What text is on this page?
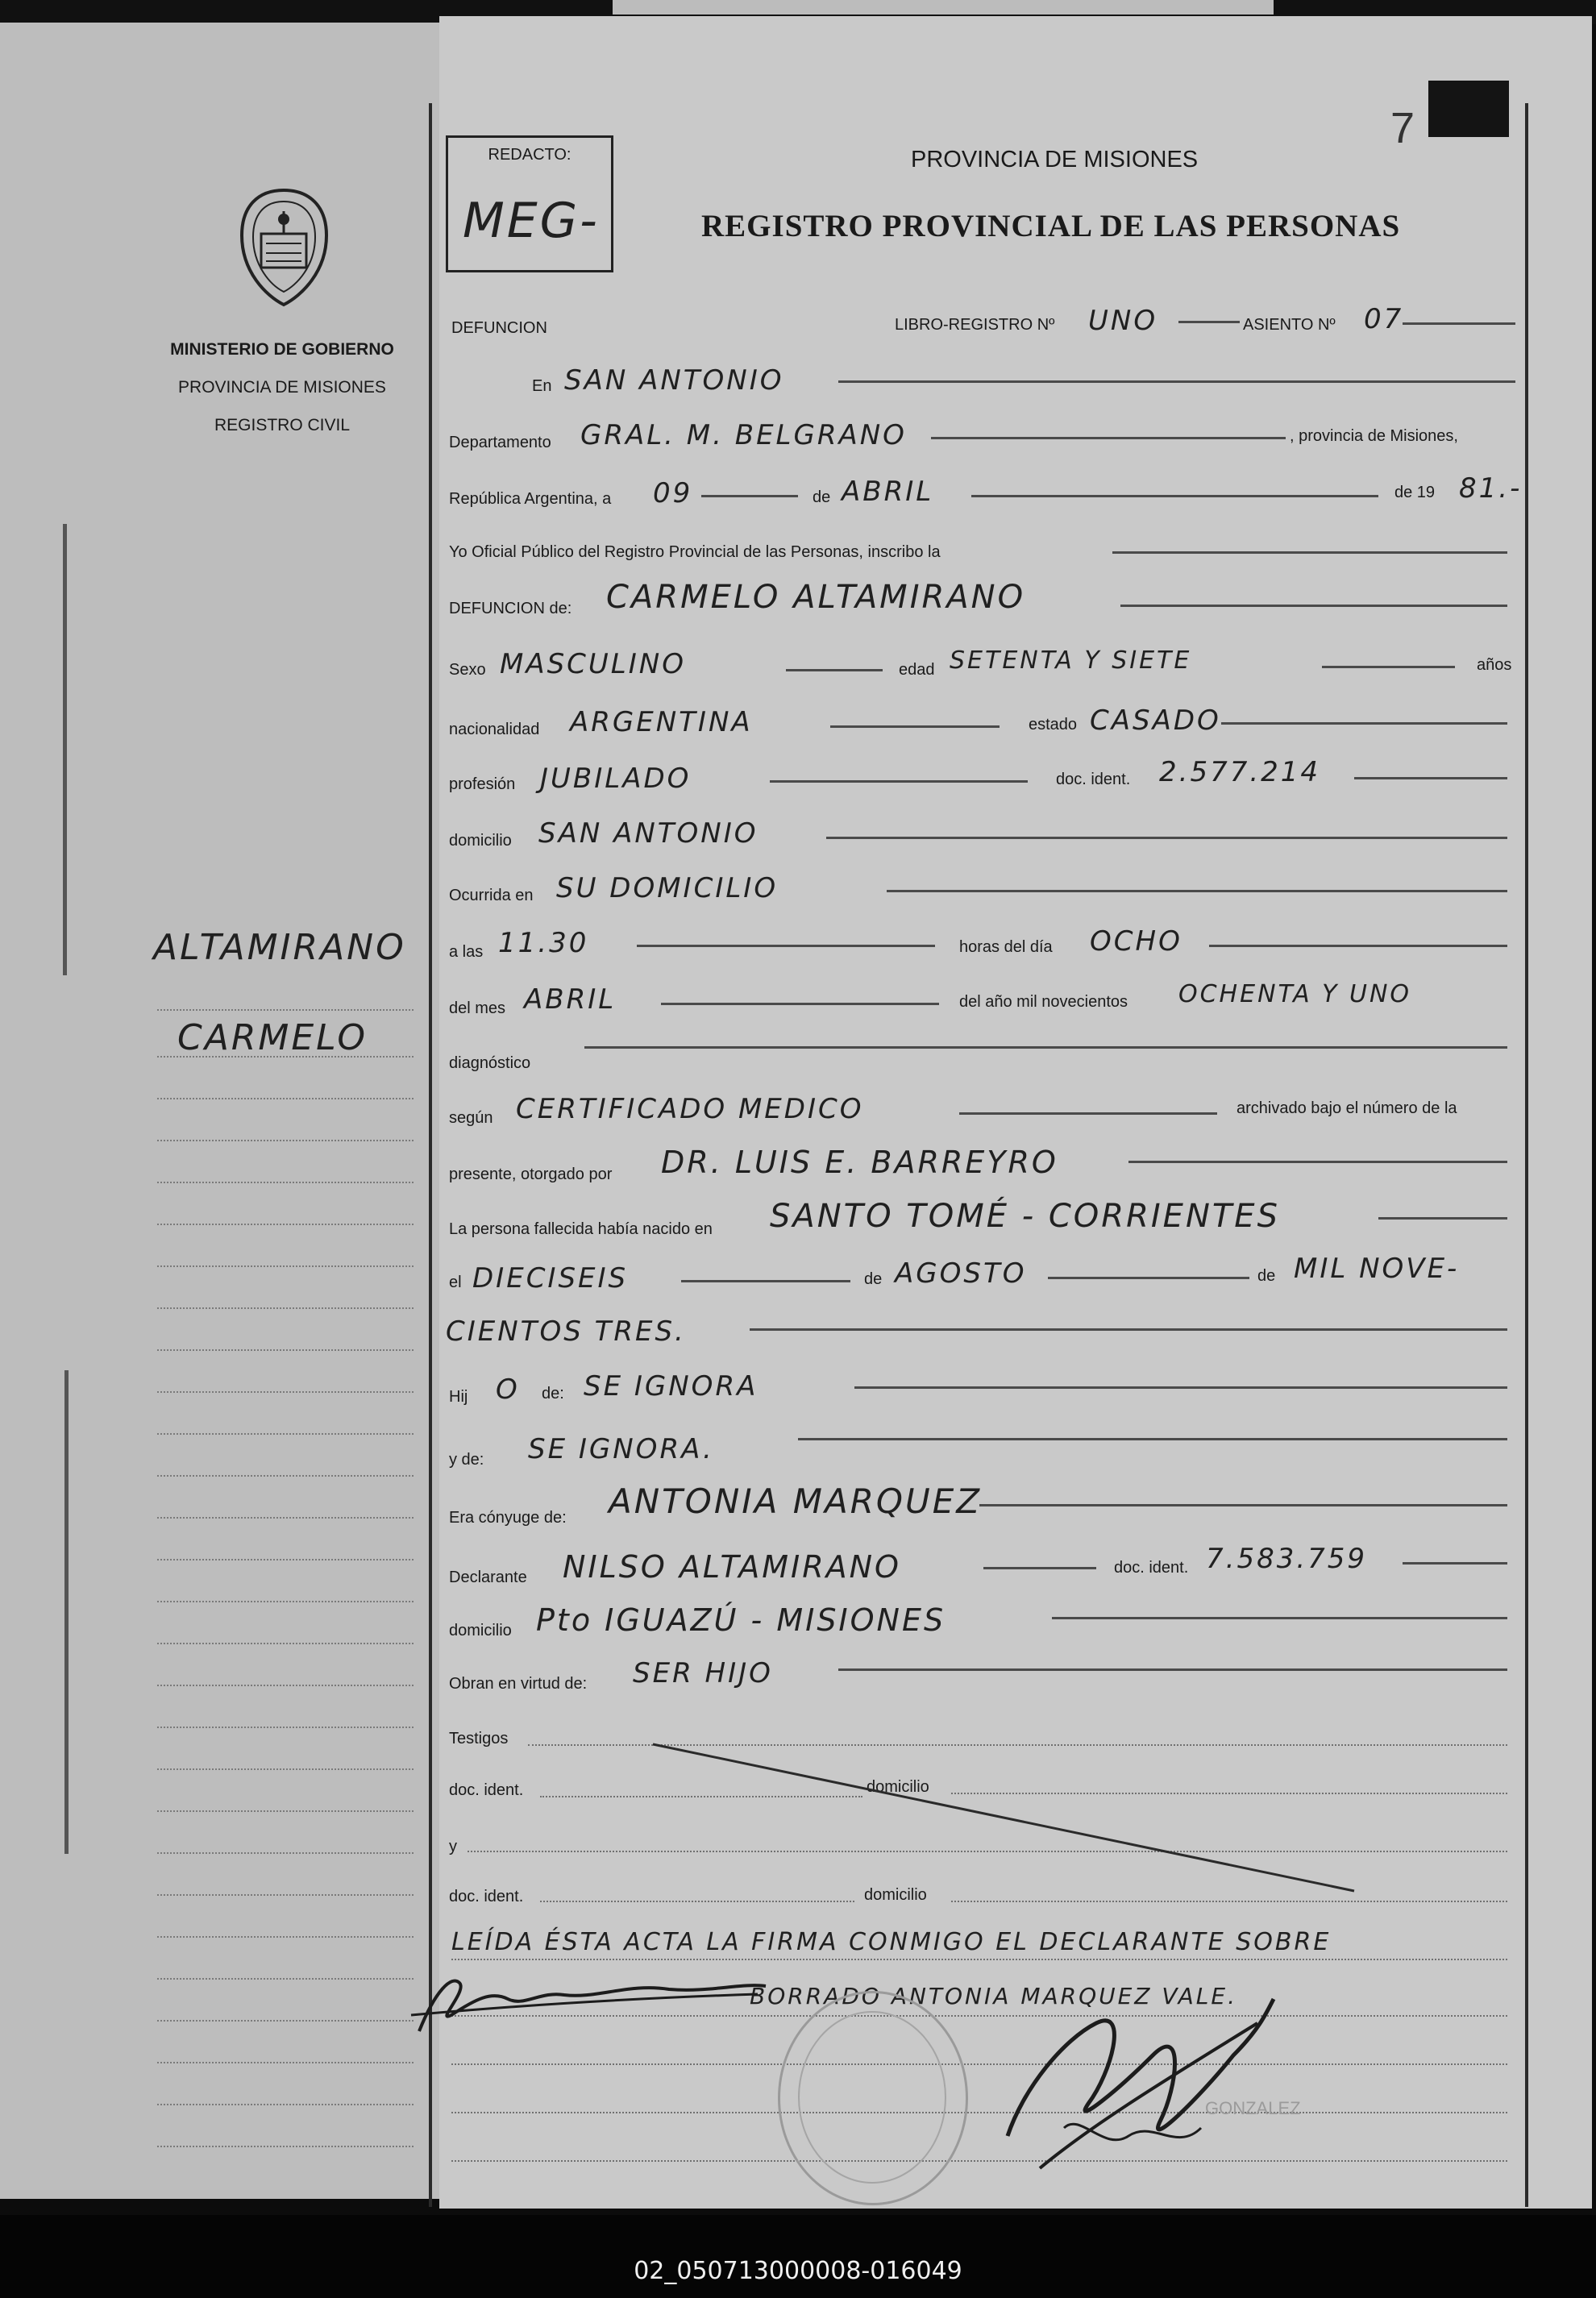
MINISTERIO DE GOBIERNO
PROVINCIA DE MISIONES
REGISTRO CIVIL
ALTAMIRANO
CARMELO
7
REDACTO:
MEG-
PROVINCIA DE MISIONES
REGISTRO PROVINCIAL DE LAS PERSONAS
DEFUNCION	LIBRO-REGISTRO Nº UNO	ASIENTO Nº 07
En SAN ANTONIO
Departamento GRAL. M. BELGRANO	, provincia de Misiones,
República Argentina, a 09	de ABRIL	de 19 81.-
Yo Oficial Público del Registro Provincial de las Personas, inscribo la
DEFUNCION de: CARMELO ALTAMIRANO
Sexo MASCULINO	edad SETENTA Y SIETE	años
nacionalidad ARGENTINA	estado CASADO
profesión JUBILADO	doc. ident. 2.577.214
domicilio SAN ANTONIO
Ocurrida en SU DOMICILIO
a las 11.30	horas del día OCHO
del mes ABRIL	del año mil novecientos OCHENTA Y UNO
diagnóstico
según CERTIFICADO MEDICO	archivado bajo el número de la
presente, otorgado por DR. LUIS E. BARREYRO
La persona fallecida había nacido en SANTO TOMÉ - CORRIENTES
el DIECISEIS	de AGOSTO	de MIL NOVE-
CIENTOS TRES.
Hij O de: SE IGNORA
y de: SE IGNORA.
Era cónyuge de: ANTONIA MARQUEZ
Declarante NILSO ALTAMIRANO	doc. ident. 7.583.759
domicilio Pto IGUAZÚ - MISIONES
Obran en virtud de: SER HIJO
Testigos
doc. ident.	domicilio
y
doc. ident.	domicilio
LEÍDA ÉSTA ACTA LA FIRMA CONMIGO EL DECLARANTE SOBRE
BORRADO ANTONIA MARQUEZ VALE.
GONZALEZ
02_050713000008-016049
